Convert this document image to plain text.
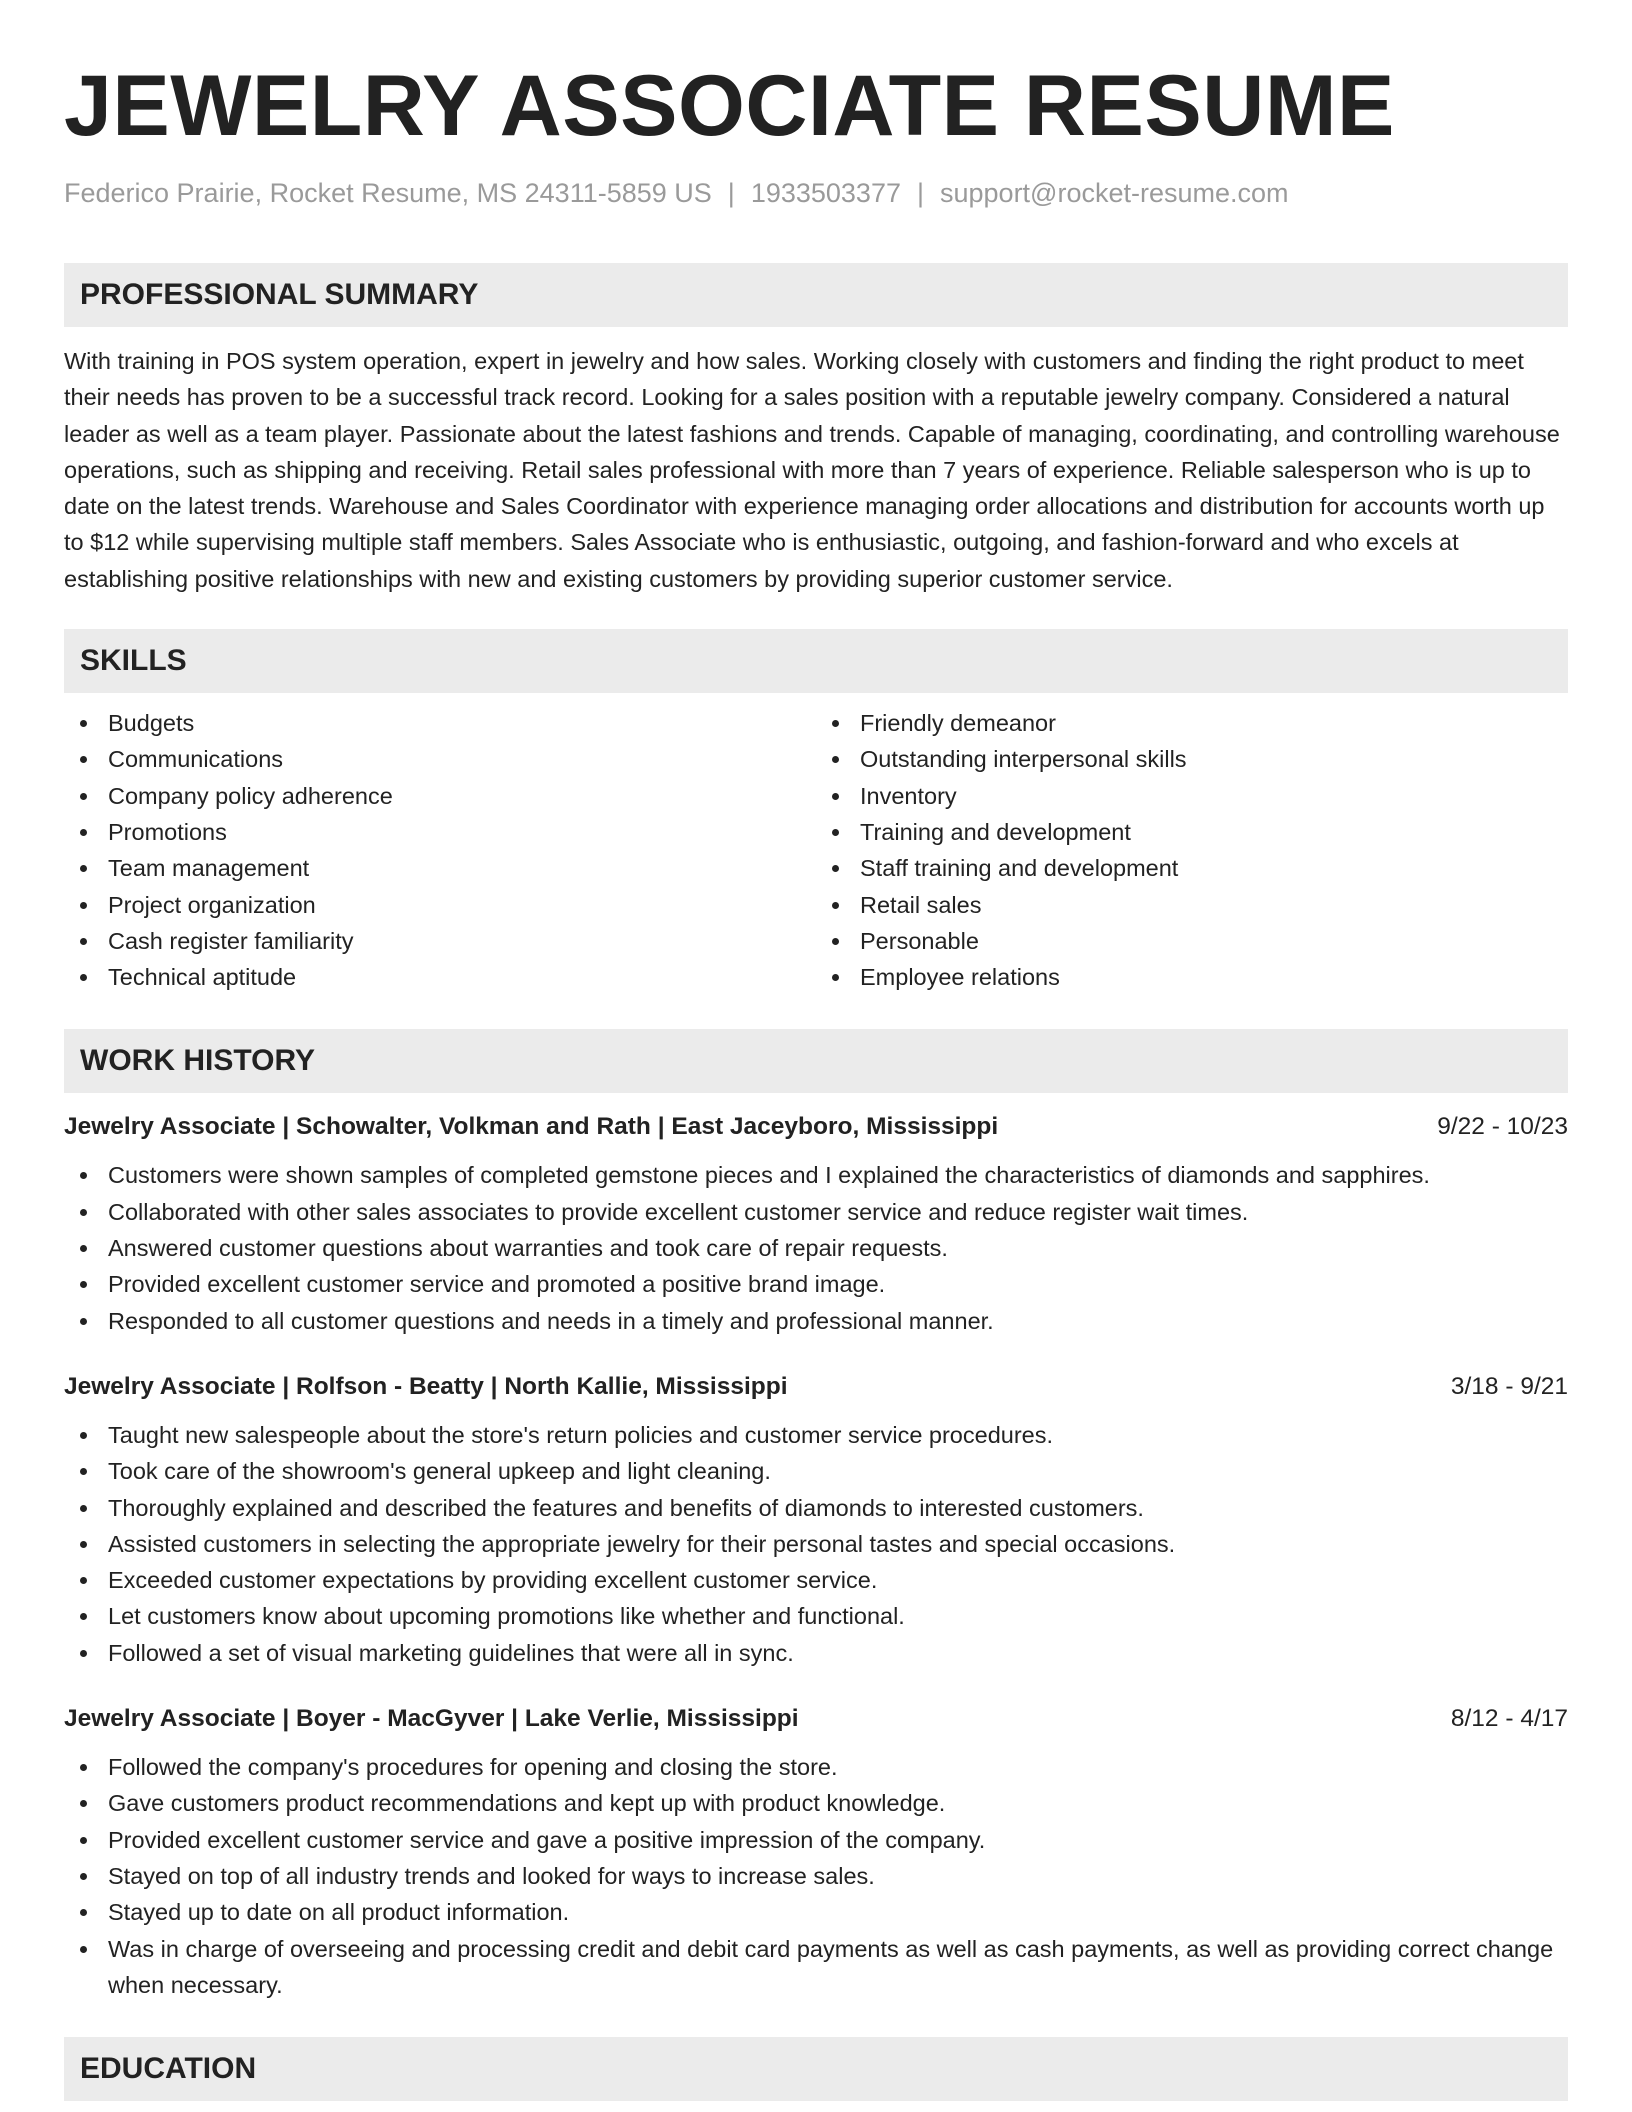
JEWELRY ASSOCIATE RESUME
Federico Prairie, Rocket Resume, MS 24311-5859 US | 1933503377 | support@rocket-resume.com
PROFESSIONAL SUMMARY

With training in POS system operation, expert in jewelry and how sales. Working closely with customers and finding the right product to meet their needs has proven to be a successful track record. Looking for a sales position with a reputable jewelry company. Considered a natural leader as well as a team player. Passionate about the latest fashions and trends. Capable of managing, coordinating, and controlling warehouse operations, such as shipping and receiving. Retail sales professional with more than 7 years of experience. Reliable salesperson who is up to date on the latest trends. Warehouse and Sales Coordinator with experience managing order allocations and distribution for accounts worth up to $12 while supervising multiple staff members. Sales Associate who is enthusiastic, outgoing, and fashion-forward and who excels at establishing positive relationships with new and existing customers by providing superior customer service.

SKILLS
Budgets
Communications
Company policy adherence
Promotions
Team management
Project organization
Cash register familiarity
Technical aptitude
Friendly demeanor
Outstanding interpersonal skills
Inventory
Training and development
Staff training and development
Retail sales
Personable
Employee relations
WORK HISTORY
Jewelry Associate | Schowalter, Volkman and Rath | East Jaceyboro, Mississippi	9/22 - 10/23
Customers were shown samples of completed gemstone pieces and I explained the characteristics of diamonds and sapphires.
Collaborated with other sales associates to provide excellent customer service and reduce register wait times.
Answered customer questions about warranties and took care of repair requests.
Provided excellent customer service and promoted a positive brand image.
Responded to all customer questions and needs in a timely and professional manner.
Jewelry Associate | Rolfson - Beatty | North Kallie, Mississippi	3/18 - 9/21
Taught new salespeople about the store's return policies and customer service procedures.
Took care of the showroom's general upkeep and light cleaning.
Thoroughly explained and described the features and benefits of diamonds to interested customers.
Assisted customers in selecting the appropriate jewelry for their personal tastes and special occasions.
Exceeded customer expectations by providing excellent customer service.
Let customers know about upcoming promotions like whether and functional.
Followed a set of visual marketing guidelines that were all in sync.
Jewelry Associate | Boyer - MacGyver | Lake Verlie, Mississippi	8/12 - 4/17
Followed the company's procedures for opening and closing the store.
Gave customers product recommendations and kept up with product knowledge.
Provided excellent customer service and gave a positive impression of the company.
Stayed on top of all industry trends and looked for ways to increase sales.
Stayed up to date on all product information.
Was in charge of overseeing and processing credit and debit card payments as well as cash payments, as well as providing correct change when necessary.
EDUCATION
